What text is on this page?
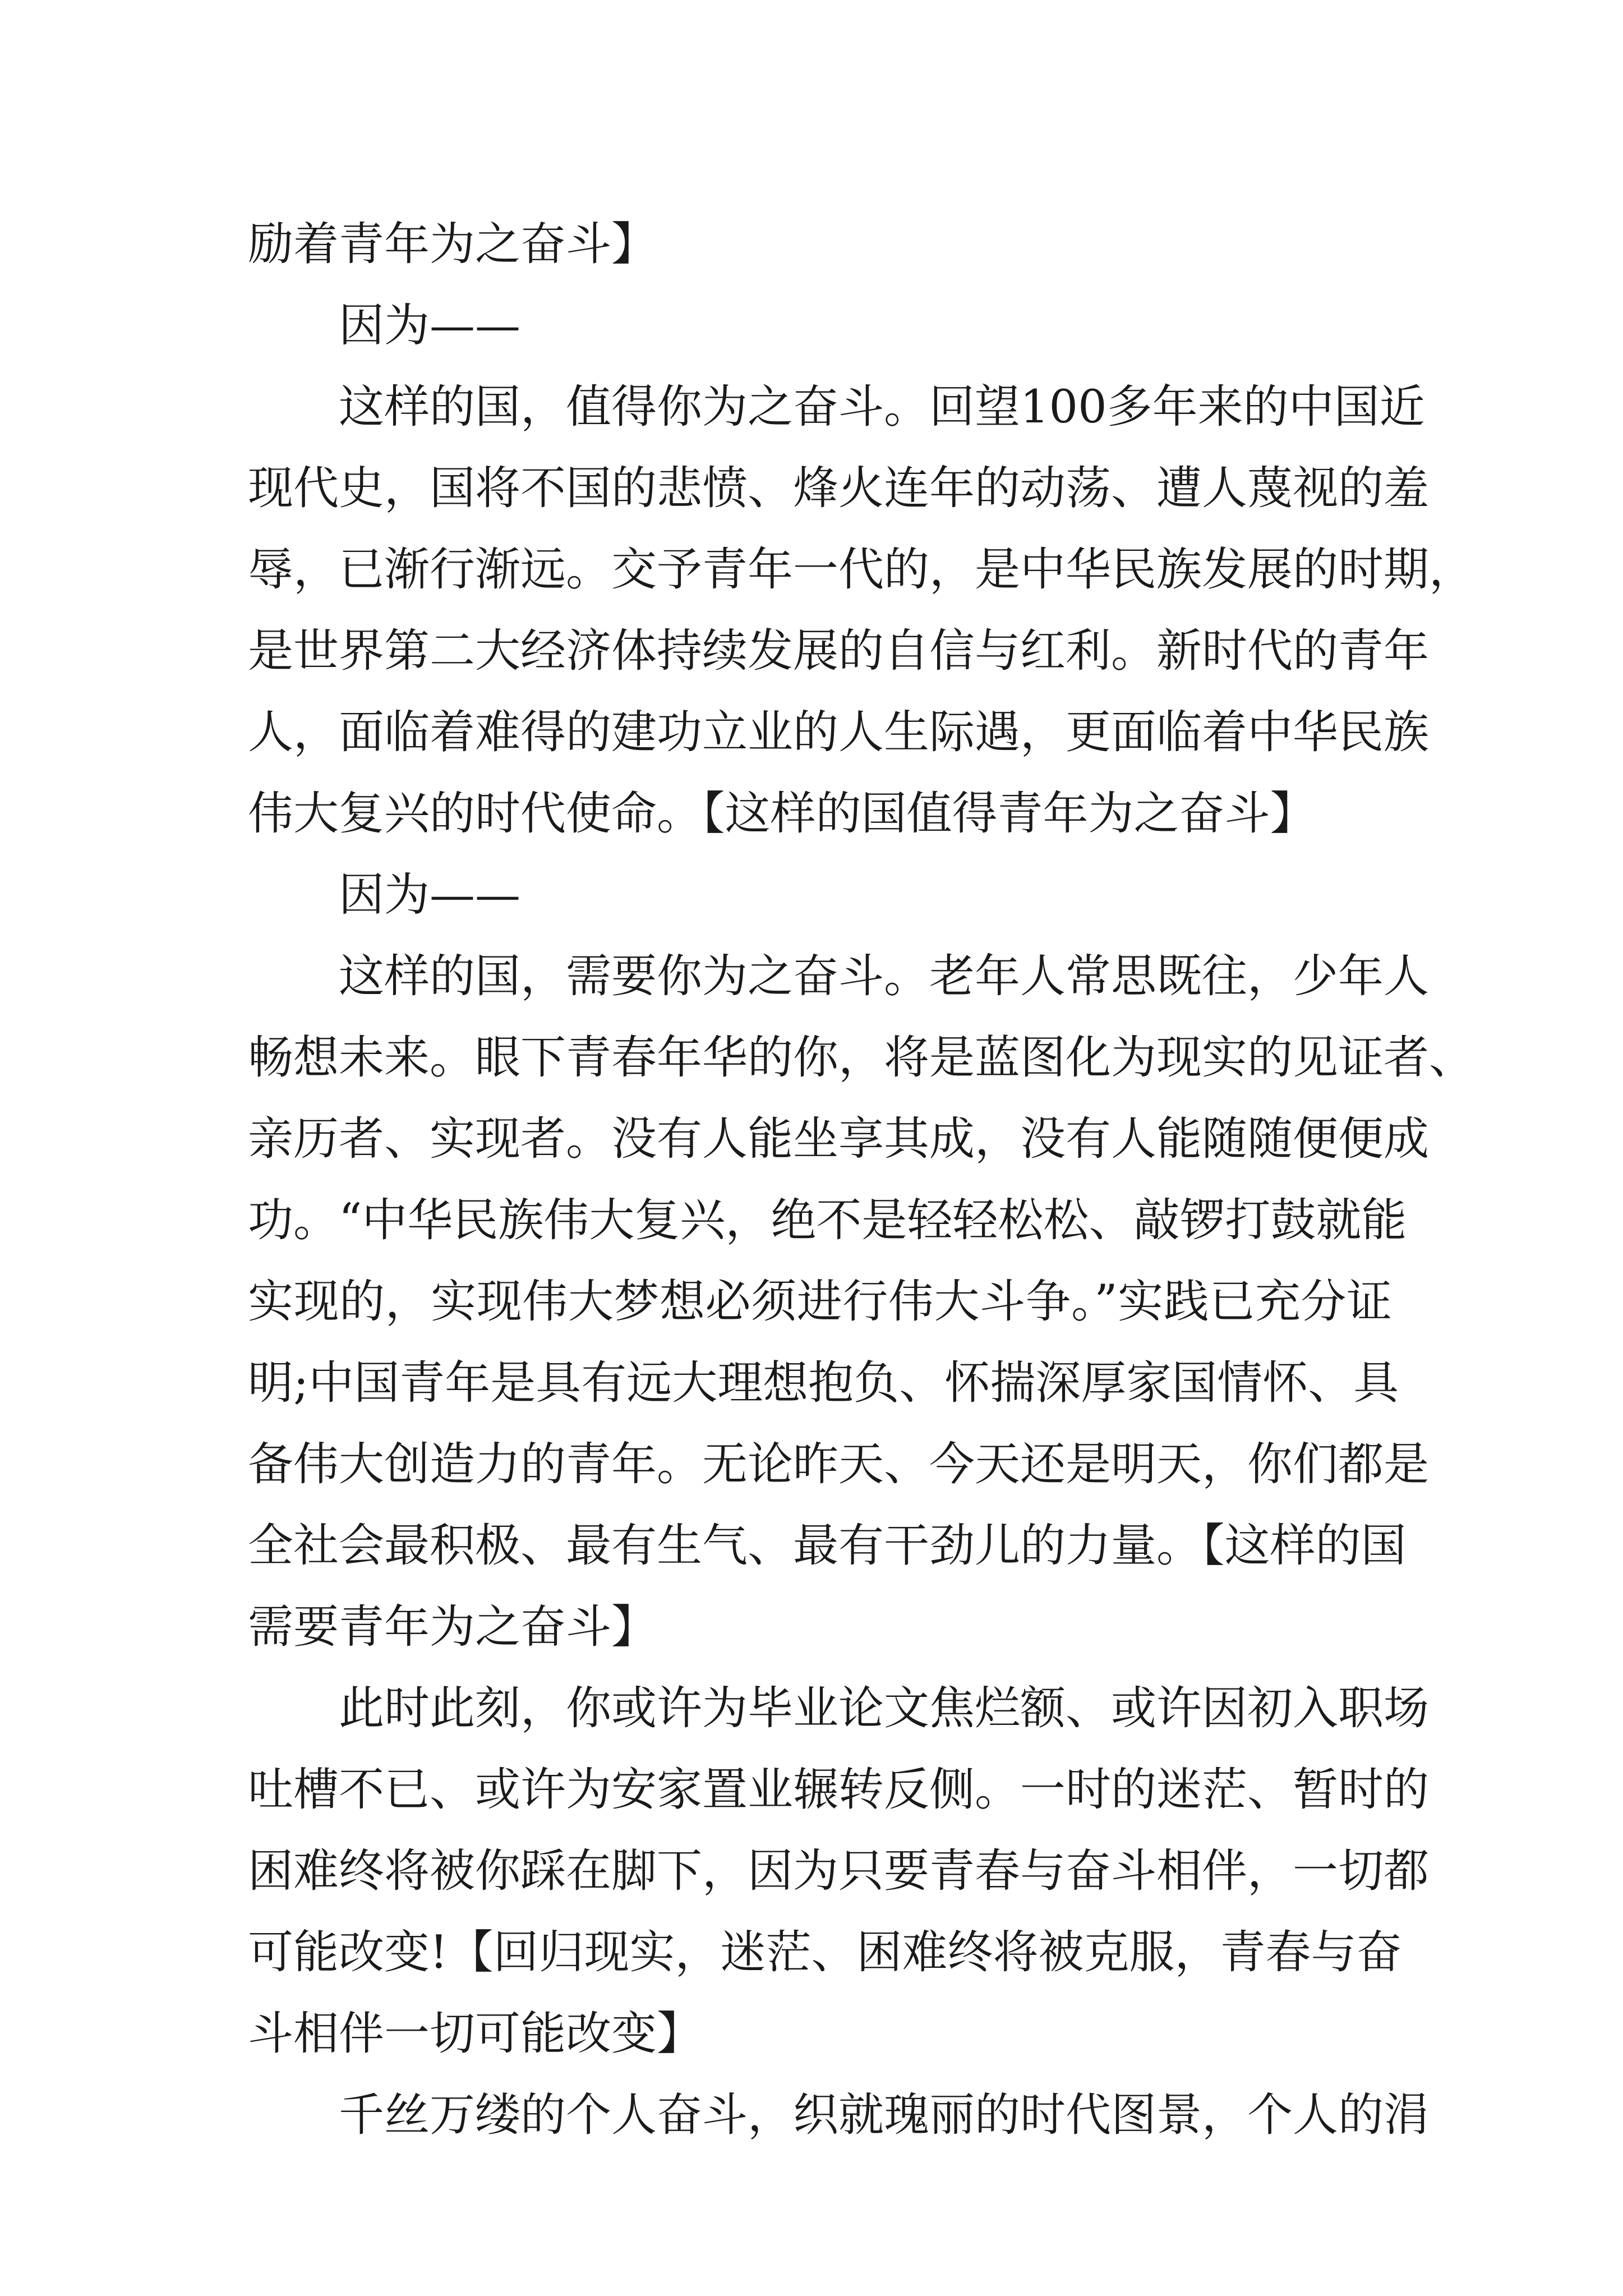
励着青年为之奋斗】
因为——
这样的国，值得你为之奋斗。回望100多年来的中国近
现代史，国将不国的悲愤、烽火连年的动荡、遭人蔑视的羞
辱，已渐行渐远。交予青年一代的，是中华民族发展的时期，
是世界第二大经济体持续发展的自信与红利。新时代的青年
人，面临着难得的建功立业的人生际遇，更面临着中华民族
伟大复兴的时代使命。【这样的国值得青年为之奋斗】
因为——
这样的国，需要你为之奋斗。老年人常思既往，少年人
畅想未来。眼下青春年华的你，将是蓝图化为现实的见证者、
亲历者、实现者。没有人能坐享其成，没有人能随随便便成
功。“中华民族伟大复兴，绝不是轻轻松松、敲锣打鼓就能
实现的，实现伟大梦想必须进行伟大斗争。”实践已充分证
明;中国青年是具有远大理想抱负、怀揣深厚家国情怀、具
备伟大创造力的青年。无论昨天、今天还是明天，你们都是
全社会最积极、最有生气、最有干劲儿的力量。【这样的国
需要青年为之奋斗】
此时此刻，你或许为毕业论文焦烂额、或许因初入职场
吐槽不已、或许为安家置业辗转反侧。一时的迷茫、暂时的
困难终将被你踩在脚下，因为只要青春与奋斗相伴，一切都
可能改变!【回归现实，迷茫、困难终将被克服，青春与奋
斗相伴一切可能改变】
千丝万缕的个人奋斗，织就瑰丽的时代图景，个人的涓
